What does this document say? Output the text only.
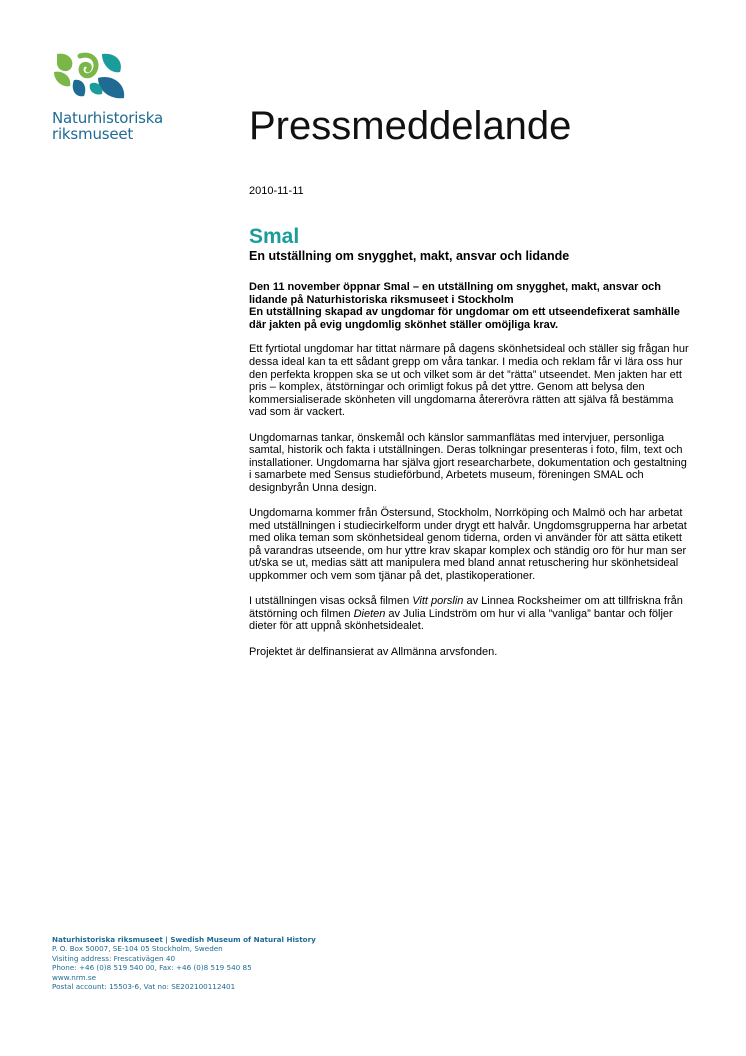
Naturhistoriska
riksmuseet	Pressmeddelande
2010-11-11
Smal
En utställning om snygghet, makt, ansvar och lidande
Den 11 november öppnar Smal – en utställning om snygghet, makt, ansvar och lidande på Naturhistoriska riksmuseet i Stockholm
En utställning skapad av ungdomar för ungdomar om ett utseendefixerat samhälle där jakten på evig ungdomlig skönhet ställer omöjliga krav.

Ett fyrtiotal ungdomar har tittat närmare på dagens skönhetsideal och ställer sig frågan hur dessa ideal kan ta ett sådant grepp om våra tankar. I media och reklam får vi lära oss hur den perfekta kroppen ska se ut och vilket som är det ”rätta” utseendet. Men jakten har ett pris – komplex, ätstörningar och orimligt fokus på det yttre. Genom att belysa den kommersialiserade skönheten vill ungdomarna återerövra rätten att själva få bestämma vad som är vackert.

Ungdomarnas tankar, önskemål och känslor sammanflätas med intervjuer, personliga samtal, historik och fakta i utställningen. Deras tolkningar presenteras i foto, film, text och installationer. Ungdomarna har själva gjort researcharbete, dokumentation och gestaltning i samarbete med Sensus studieförbund, Arbetets museum, föreningen SMAL och designbyrån Unna design.

Ungdomarna kommer från Östersund, Stockholm, Norrköping och Malmö och har arbetat med utställningen i studiecirkelform under drygt ett halvår. Ungdomsgrupperna har arbetat med olika teman som skönhetsideal genom tiderna, orden vi använder för att sätta etikett på varandras utseende, om hur yttre krav skapar komplex och ständig oro för hur man ser ut/ska se ut, medias sätt att manipulera med bland annat retuschering hur skönhetsideal uppkommer och vem som tjänar på det, plastikoperationer.

I utställningen visas också filmen Vitt porslin av Linnea Rocksheimer om att tillfriskna från ätstörning och filmen Dieten av Julia Lindström om hur vi alla ”vanliga” bantar och följer dieter för att uppnå skönhetsidealet.

Projektet är delfinansierat av Allmänna arvsfonden.

Naturhistoriska riksmuseet | Swedish Museum of Natural History
P. O. Box 50007, SE-104 05 Stockholm, Sweden
Visiting address: Frescativägen 40
Phone: +46 (0)8 519 540 00, Fax: +46 (0)8 519 540 85
www.nrm.se
Postal account: 15503-6, Vat no: SE202100112401
